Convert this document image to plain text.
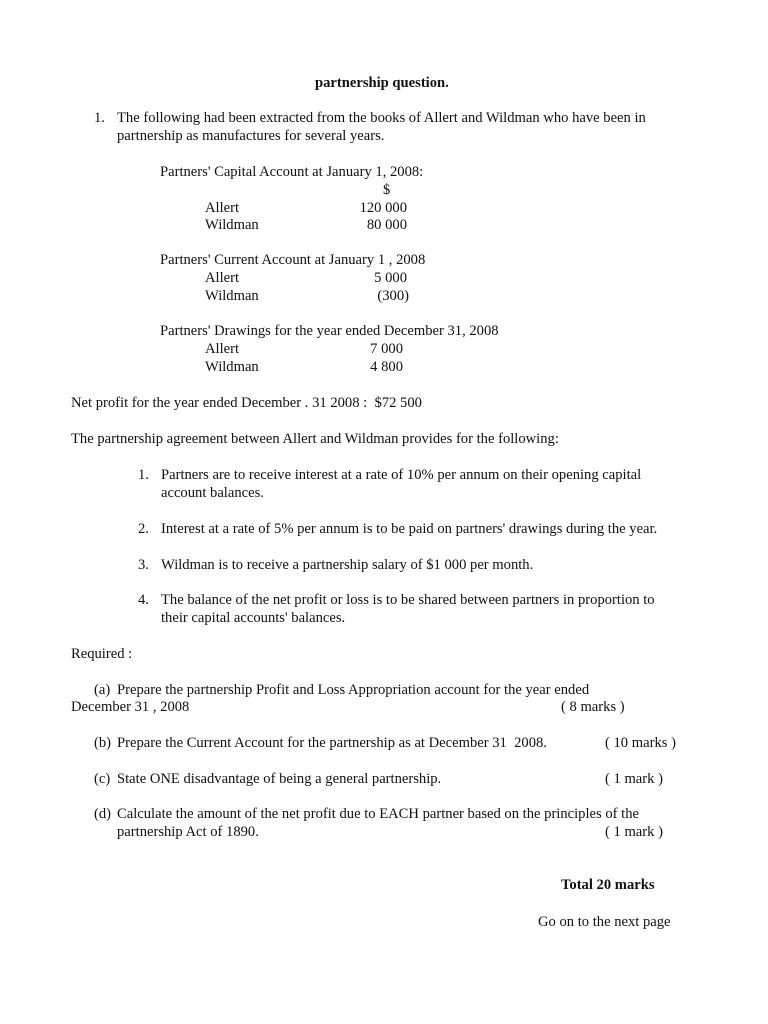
partnership question.

1. The following had been extracted from the books of Allert and Wildman who have been in

partnership as manufactures for several years.

Partners' Capital Account at January 1, 2008:

$

Allert	120 000

Wildman	80 000

Partners' Current Account at January 1 , 2008

Allert	5 000

Wildman	(300)

Partners' Drawings for the year ended December 31, 2008

Allert	7 000

Wildman	4 800

Net profit for the year ended December . 31 2008 :  $72 500

The partnership agreement between Allert and Wildman provides for the following:

1. Partners are to receive interest at a rate of 10% per annum on their opening capital

account balances.

2. Interest at a rate of 5% per annum is to be paid on partners' drawings during the year.

3. Wildman is to receive a partnership salary of $1 000 per month.

4. The balance of the net profit or loss is to be shared between partners in proportion to

their capital accounts' balances.

Required :

(a) Prepare the partnership Profit and Loss Appropriation account for the year ended

December 31 , 2008	( 8 marks )

(b) Prepare the Current Account for the partnership as at December 31  2008.	( 10 marks )

(c) State ONE disadvantage of being a general partnership.	( 1 mark )

(d) Calculate the amount of the net profit due to EACH partner based on the principles of the

partnership Act of 1890.	( 1 mark )

Total 20 marks

Go on to the next page
